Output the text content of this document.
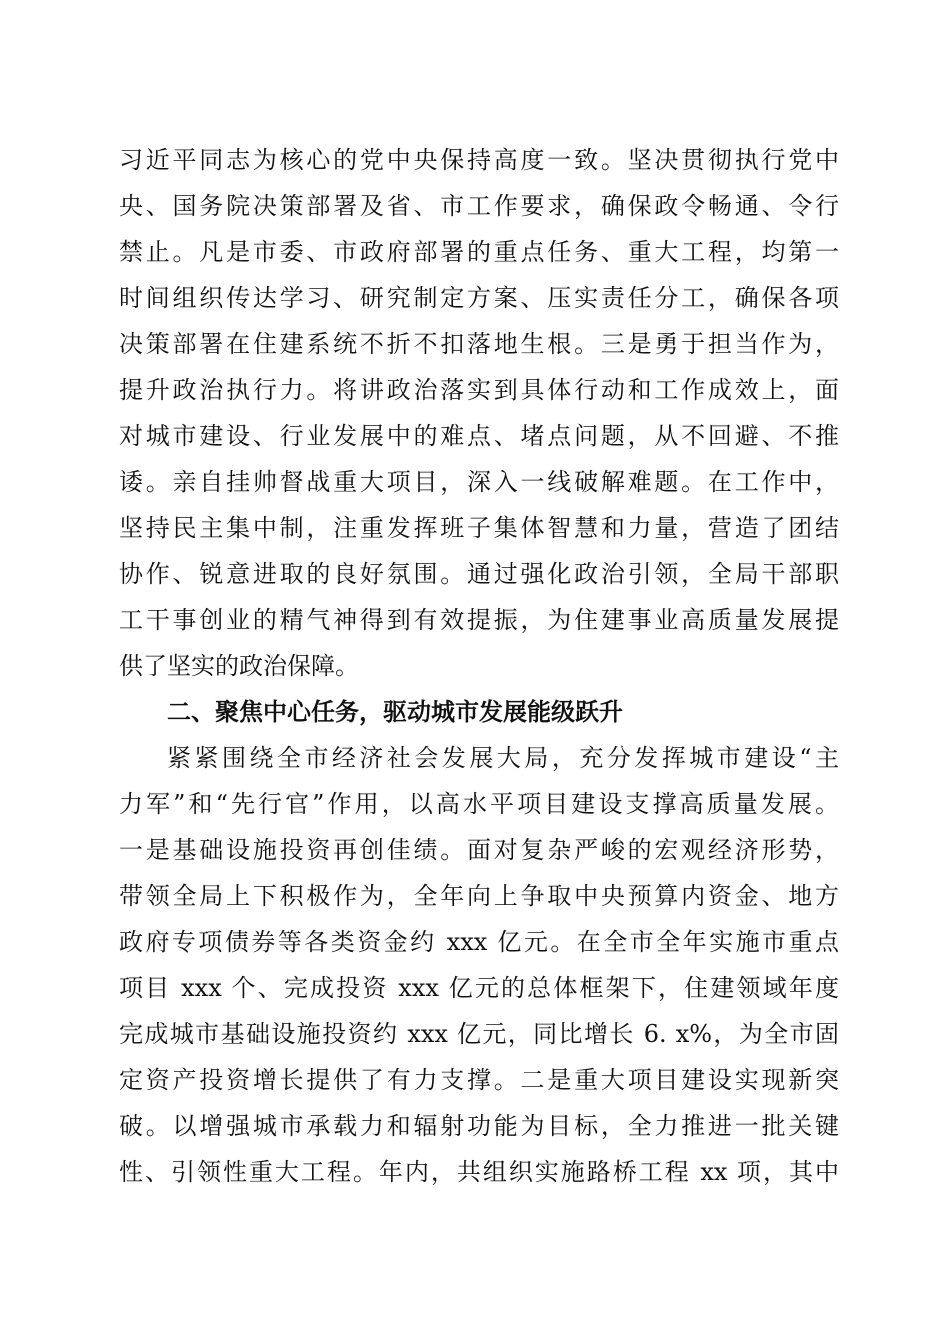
习近平同志为核心的党中央保持高度一致。坚决贯彻执行党中
央、国务院决策部署及省、市工作要求，确保政令畅通、令行
禁止。凡是市委、市政府部署的重点任务、重大工程，均第一
时间组织传达学习、研究制定方案、压实责任分工，确保各项
决策部署在住建系统不折不扣落地生根。三是勇于担当作为，
提升政治执行力。将讲政治落实到具体行动和工作成效上，面
对城市建设、行业发展中的难点、堵点问题，从不回避、不推
诿。亲自挂帅督战重大项目，深入一线破解难题。在工作中，
坚持民主集中制，注重发挥班子集体智慧和力量，营造了团结
协作、锐意进取的良好氛围。通过强化政治引领，全局干部职
工干事创业的精气神得到有效提振，为住建事业高质量发展提
供了坚实的政治保障。
二、聚焦中心任务，驱动城市发展能级跃升
紧紧围绕全市经济社会发展大局，充分发挥城市建设“主
力军”和“先行官”作用，以高水平项目建设支撑高质量发展。
一是基础设施投资再创佳绩。面对复杂严峻的宏观经济形势，
带领全局上下积极作为，全年向上争取中央预算内资金、地方
政府专项债券等各类资金约 xxx 亿元。在全市全年实施市重点
项目 xxx 个、完成投资 xxx 亿元的总体框架下，住建领域年度
完成城市基础设施投资约 xxx 亿元，同比增长 6. x%，为全市固
定资产投资增长提供了有力支撑。二是重大项目建设实现新突
破。以增强城市承载力和辐射功能为目标，全力推进一批关键
性、引领性重大工程。年内，共组织实施路桥工程 xx 项，其中
